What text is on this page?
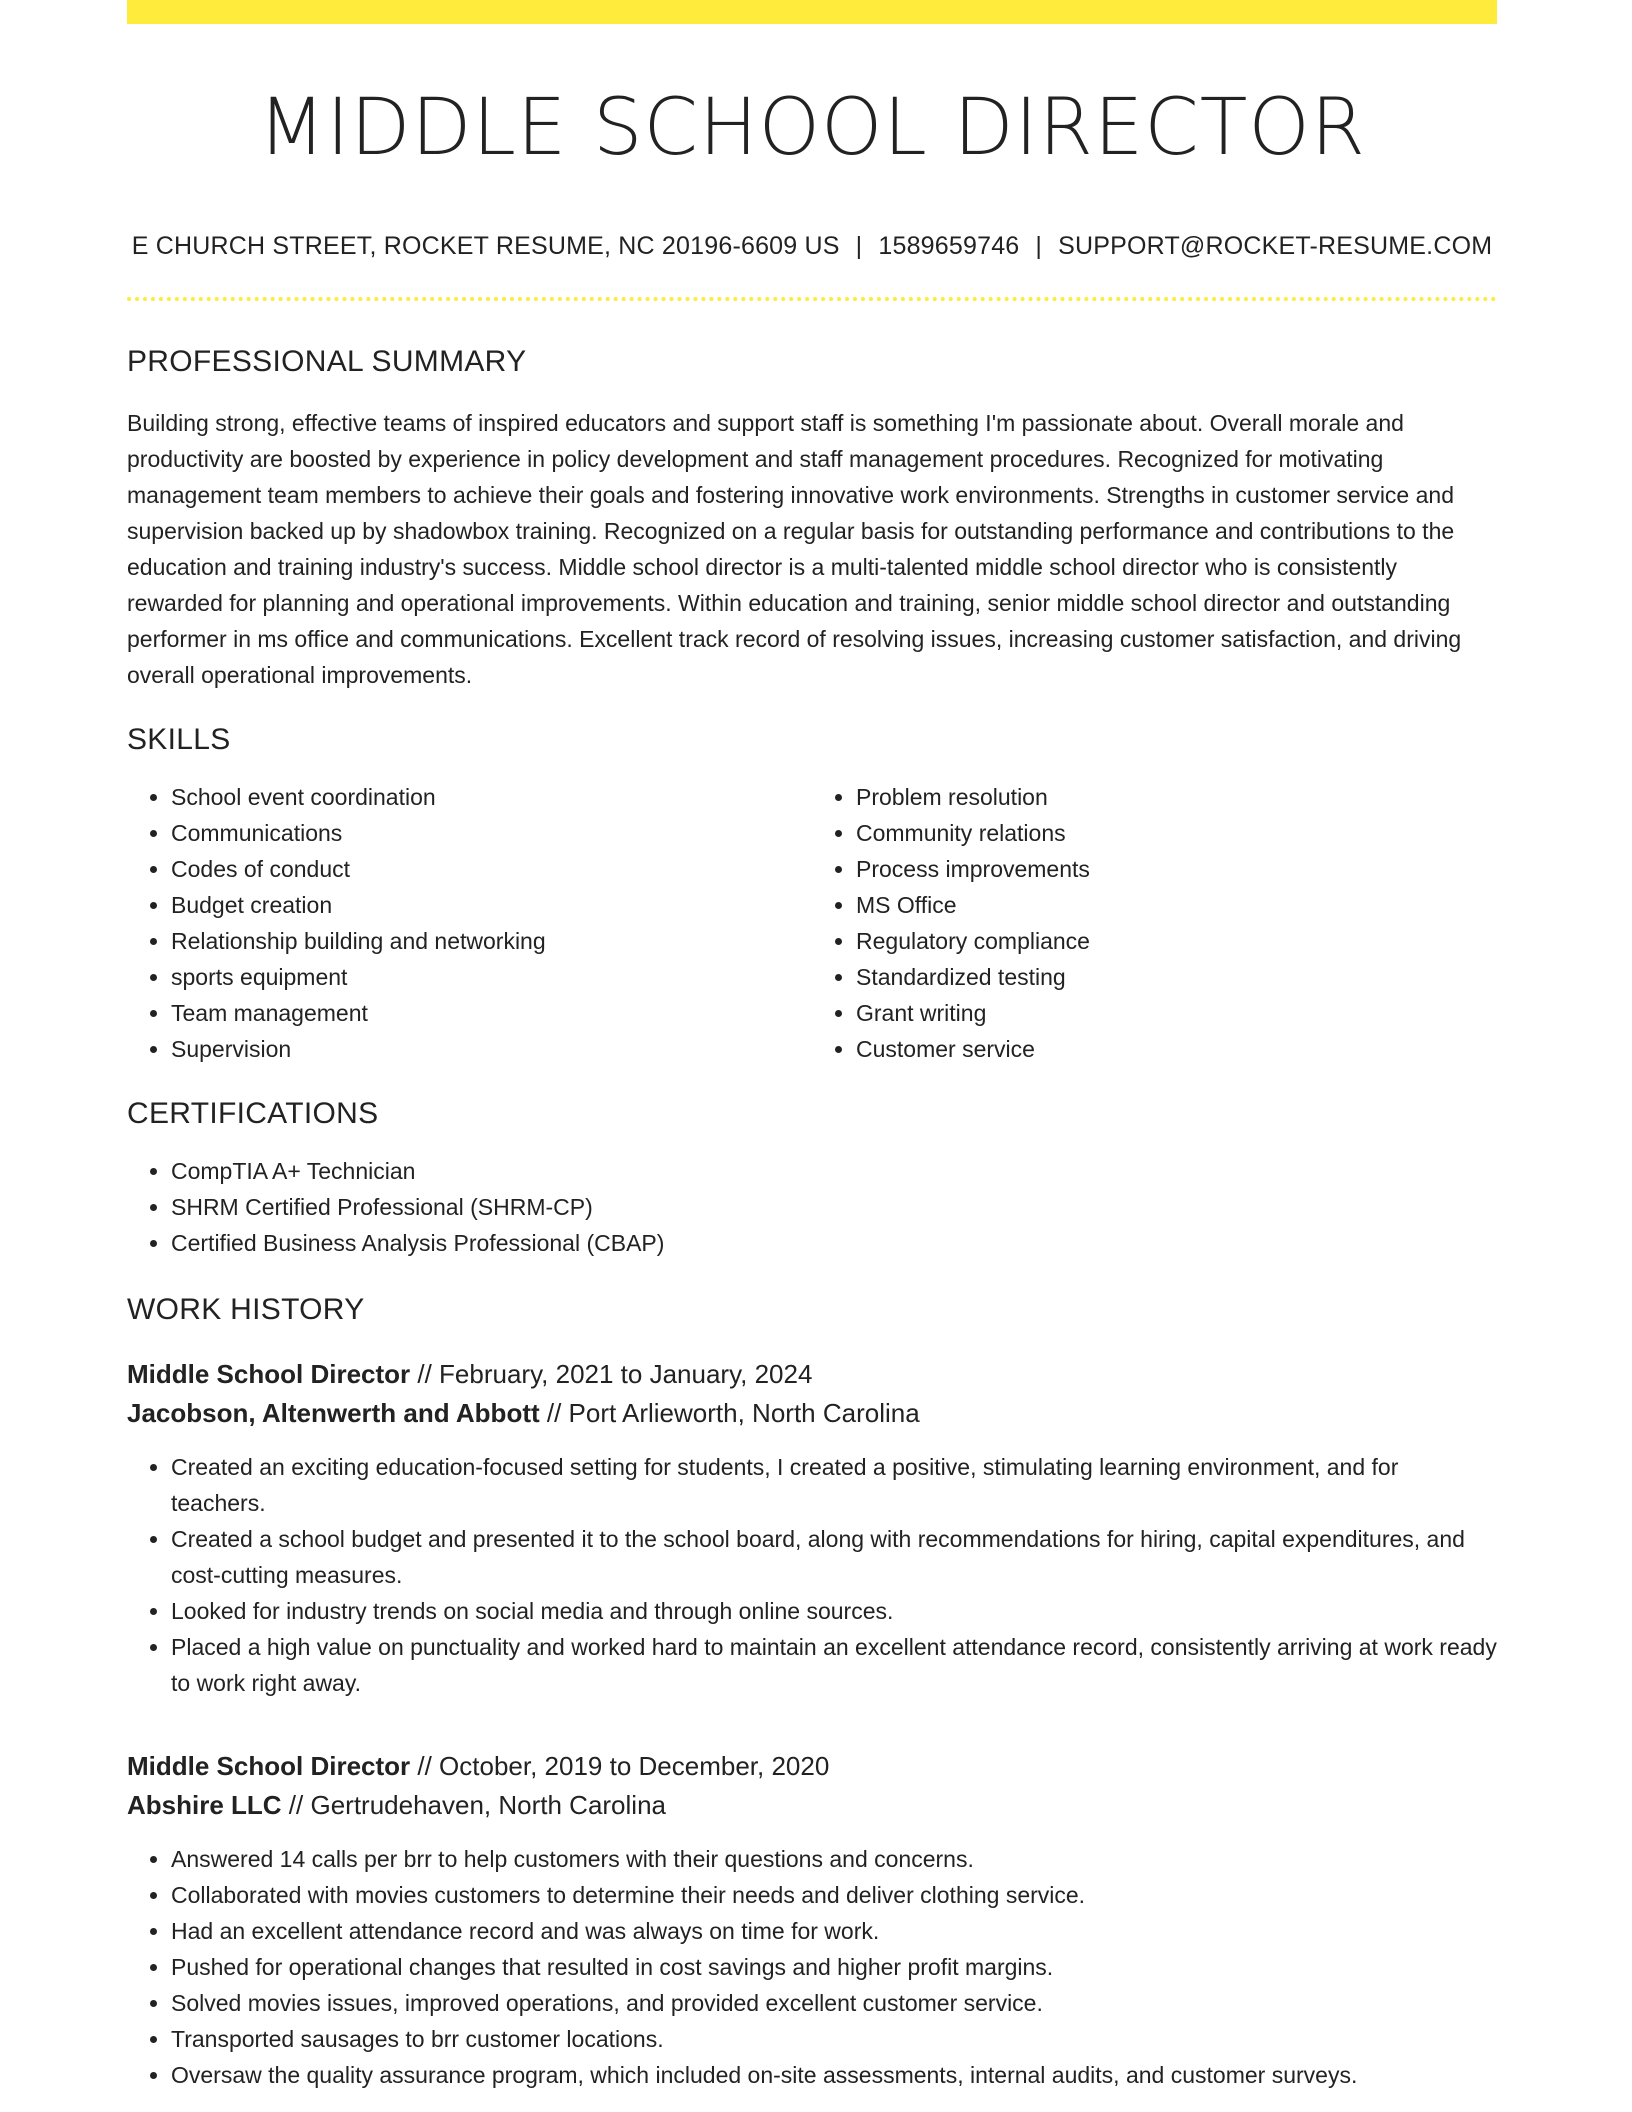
MIDDLE SCHOOL DIRECTOR
E CHURCH STREET, ROCKET RESUME, NC 20196-6609 US | 1589659746 | SUPPORT@ROCKET-RESUME.COM
PROFESSIONAL SUMMARY
Building strong, effective teams of inspired educators and support staff is something I'm passionate about. Overall morale and productivity are boosted by experience in policy development and staff management procedures. Recognized for motivating management team members to achieve their goals and fostering innovative work environments. Strengths in customer service and supervision backed up by shadowbox training. Recognized on a regular basis for outstanding performance and contributions to the education and training industry's success. Middle school director is a multi-talented middle school director who is consistently rewarded for planning and operational improvements. Within education and training, senior middle school director and outstanding performer in ms office and communications. Excellent track record of resolving issues, increasing customer satisfaction, and driving overall operational improvements.
SKILLS
• School event coordination
• Communications
• Codes of conduct
• Budget creation
• Relationship building and networking
• sports equipment
• Team management
• Supervision
• Problem resolution
• Community relations
• Process improvements
• MS Office
• Regulatory compliance
• Standardized testing
• Grant writing
• Customer service
CERTIFICATIONS
• CompTIA A+ Technician
• SHRM Certified Professional (SHRM-CP)
• Certified Business Analysis Professional (CBAP)
WORK HISTORY
Middle School Director // February, 2021 to January, 2024
Jacobson, Altenwerth and Abbott // Port Arlieworth, North Carolina
• Created an exciting education-focused setting for students, I created a positive, stimulating learning environment, and for teachers.
• Created a school budget and presented it to the school board, along with recommendations for hiring, capital expenditures, and cost-cutting measures.
• Looked for industry trends on social media and through online sources.
• Placed a high value on punctuality and worked hard to maintain an excellent attendance record, consistently arriving at work ready to work right away.
Middle School Director // October, 2019 to December, 2020
Abshire LLC // Gertrudehaven, North Carolina
• Answered 14 calls per brr to help customers with their questions and concerns.
• Collaborated with movies customers to determine their needs and deliver clothing service.
• Had an excellent attendance record and was always on time for work.
• Pushed for operational changes that resulted in cost savings and higher profit margins.
• Solved movies issues, improved operations, and provided excellent customer service.
• Transported sausages to brr customer locations.
• Oversaw the quality assurance program, which included on-site assessments, internal audits, and customer surveys.
